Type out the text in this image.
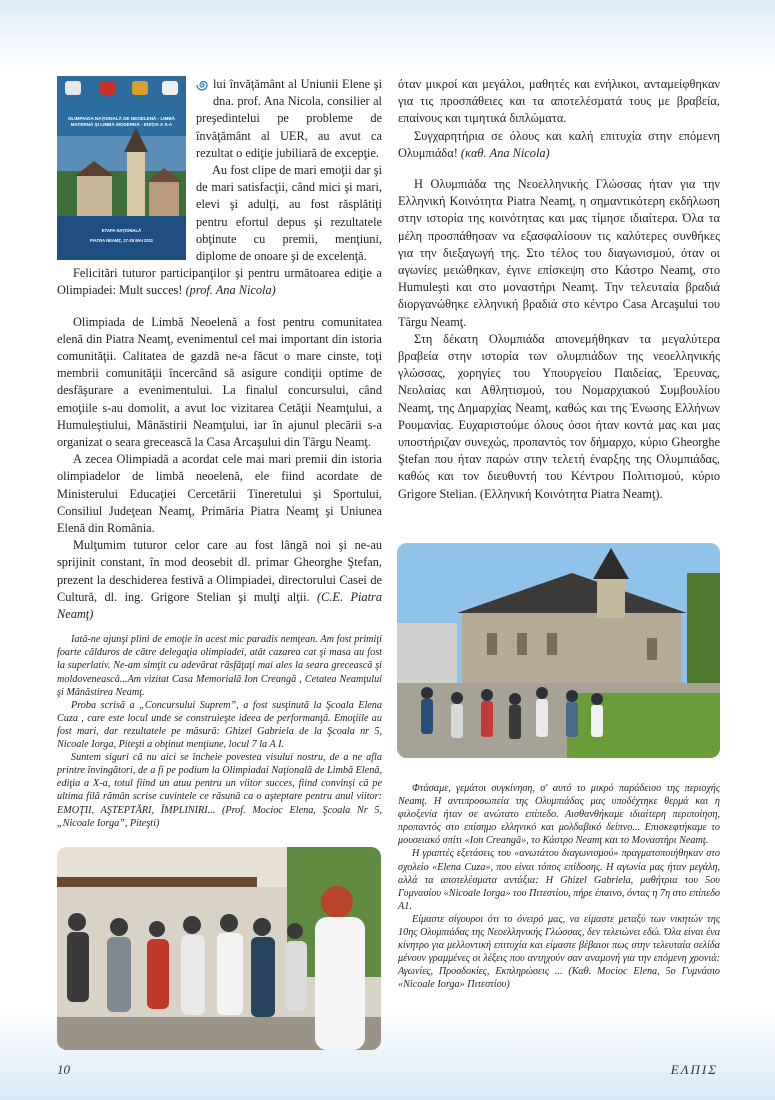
OLIMPIADA NAŢIONALĂ DE NEOELENĂ - LIMBĂ MATERNĂ ŞI LIMBĂ MODERNĂ - EDIŢIA A X-A
ETAPA NAŢIONALĂ
PIATRA NEAMŢ, 27-29 MAI 2011

lui învăţământ al Uniunii Elene şi dna. prof. Ana Nicola, consilier al preşedintelui pe probleme de învăţământ al UER, au avut ca rezultat o ediţie jubiliară de excepţie.

Au fost clipe de mari emoţii dar şi de mari satisfacţii, când mici şi mari, elevi şi adulţi, au fost răsplătiţi pentru efortul depus şi rezultatele obţinute cu premii, menţiuni, diplome de onoare şi de excelenţă.

Felicitări tuturor participanţilor şi pentru următoarea ediţie a Olimpiadei: Mult succes! (prof. Ana Nicola)

Olimpiada de Limbă Neoelenă a fost pentru comunitatea elenă din Piatra Neamţ, evenimentul cel mai important din istoria comunităţii. Calitatea de gazdă ne-a făcut o mare cinste, toţi membrii comunităţii încercând să asigure condiţii optime de desfăşurare a evenimentului. La finalul concursului, când emoţiile s-au domolit, a avut loc vizitarea Cetăţii Neamţului, a Humuleştiului, Mânăstirii Neamţului, iar în ajunul plecării s-a organizat o seara grecească la Casa Arcaşului din Târgu Neamţ.

A zecea Olimpiadă a acordat cele mai mari premii din istoria olimpiadelor de limbă neoelenă, ele fiind acordate de Ministerului Educaţiei Cercetării Tineretului şi Sportului, Consiliul Judeţean Neamţ, Primăria Piatra Neamţ şi Uniunea Elenă din România.

Mulţumim tuturor celor care au fost lângă noi şi ne-au sprijinit constant, în mod deosebit dl. primar Gheorghe Ştefan, prezent la deschiderea festivă a Olimpiadei, directorului Casei de Cultură, dl. ing. Grigore Stelian şi mulţi alţii. (C.E. Piatra Neamţ)

Iată-ne ajunşi plini de emoţie în acest mic paradis nemţean. Am fost primiţi foarte călduros de către delegaţia olimpiadei, atât cazarea cat şi masa au fost la superlativ. Ne-am simţit cu adevărat răsfăţaţi mai ales la seara grecească şi moldovenească...Am vizitat Casa Memorială Ion Creangă , Cetatea Neamţului şi Mânăstirea Neamţ.

Proba scrisă a „Concursului Suprem”, a fost susţinută la Şcoala Elena Cuza , care este locul unde se construieşte ideea de performanţă. Emoţiile au fost mari, dar rezultatele pe măsură: Ghizel Gabriela de la Şcoala nr 5, Nicoale Iorga, Piteşti a obţinut menţiune, locul 7 la A I.

Suntem siguri că nu aici se încheie povestea visului nostru, de a ne afla printre învingători, de a fi pe podium la Olimpiadai Naţională de Limbă Elenă, ediţia a X-a, totul fiind un atuu pentru un viitor succes, fiind convinşi că pe ultima filă rămân scrise cuvintele ce răsună ca o aşteptare pentru anul viitor: EMOŢII, AŞTEPTĂRI, ÎMPLINIRI... (Prof. Mocioc Elena, Şcoala Nr 5, „Nicoale Iorga”, Piteşti)

όταν μικροί και μεγάλοι, μαθητές και ενήλικοι, ανταμείφθηκαν για τις προσπάθειες και τα αποτελέσματά τους με βραβεία, επαίνους και τιμητικά διπλώματα.

Συγχαρητήρια σε όλους και καλή επιτυχία στην επόμενη Ολυμπιάδα! (καθ. Ana Nicola)

Η Ολυμπιάδα της Νεοελληνικής Γλώσσας ήταν για την Ελληνική Κοινότητα Piatra Neamţ, η σημαντικότερη εκδήλωση στην ιστορία της κοινότητας και μας τίμησε ιδιαίτερα. Όλα τα μέλη προσπάθησαν να εξασφαλίσουν τις καλύτερες συνθήκες για την διεξαγωγή της. Στο τέλος του διαγωνισμού, όταν οι αγωνίες μειώθηκαν, έγινε επίσκεψη στο Κάστρο Neamţ, στο Humuleşti και στο μοναστήρι Neamţ. Την τελευταία βραδιά διοργανώθηκε ελληνική βραδιά στο κέντρο Casa Arcaşului του Târgu Neamţ.

Στη δέκατη Ολυμπιάδα απονεμήθηκαν τα μεγαλύτερα βραβεία στην ιστορία των ολυμπιάδων της νεοελληνικής γλώσσας, χορηγίες του Υπουργείου Παιδείας, Έρευνας, Νεολαίας και Αθλητισμού, του Νομαρχιακού Συμβουλίου Neamţ, της Δημαρχίας Neamţ, καθώς και της Ένωσης Ελλήνων Ρουμανίας. Ευχαριστούμε όλους όσοι ήταν κοντά μας και μας υποστήριζαν συνεχώς, προπαντός τον δήμαρχο, κύριο Gheorghe Ştefan που ήταν παρών στην τελετή έναρξης της Ολυμπιάδας, καθώς και τον διευθυντή του Κέντρου Πολιτισμού, κύριο Grigore Stelian. (Ελληνική Κοινότητα Piatra Neamţ).

Φτάσαμε, γεμάτοι συγκίνηση, σ' αυτό το μικρό παράδεισο της περιοχής Neamţ. Η αντιπροσωπεία της Ολυμπιάδας μας υποδέχτηκε θερμά και η φιλοξενία ήταν σε ανώτατο επίπεδο. Αισθανθήκαμε ιδιαίτερη περιποίηση, προπαντός στο επίσημο ελληνικό και μολδαβικό δείπνο... Επισκεφτήκαμε το μουσειακό σπίτι «Ion Creangă», το Κάστρο Neamţ και το Μοναστήρι Neamţ.

Η γραπτές εξετάσεις του «ανωτάτου διαγωνισμού» πραγματοποιήθηκαν στο σχολείο «Elena Cuza», που είναι τόπος επίδοσης. Η αγωνία μας ήταν μεγάλη, αλλά τα αποτελέσματα αντάξια: Η Ghizel Gabriela, μαθήτρια του 5ου Γυμνασίου «Nicoale Iorga» του Πιτεστίου, πήρε έπαινο, όντας η 7η στο επίπεδο Α1.

Είμαστε σίγουροι ότι το όνειρό μας, να είμαστε μεταξύ των νικητών της 10ης Ολυμπιάδας της Νεοελληνικής Γλώσσας, δεν τελειώνει εδώ. Όλα είναι ένα κίνητρο για μελλοντική επιτυχία και είμαστε βέβαιοι πως στην τελευταία σελίδα μένουν γραμμένες οι λέξεις που αντηχούν σαν αναμονή για την επόμενη χρονιά: Αγωνίες, Προσδοκίες, Εκπληρώσεις ... (Καθ. Mocioc Elena, 5ο Γυμνάσιο «Nicoale Iorga» Πιτεστίου)

10	ΕΛΠΙΣ
